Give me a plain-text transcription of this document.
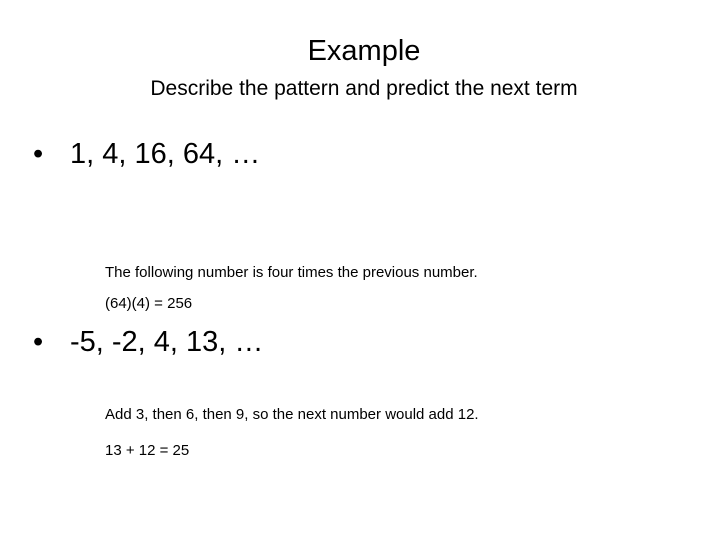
Example
Describe the pattern and predict the next term
• 1, 4, 16, 64, …

The following number is four times the previous number.

(64)(4) = 256

• -5, -2, 4, 13, …

Add 3, then 6, then 9, so the next number would add 12.

13 + 12 = 25
